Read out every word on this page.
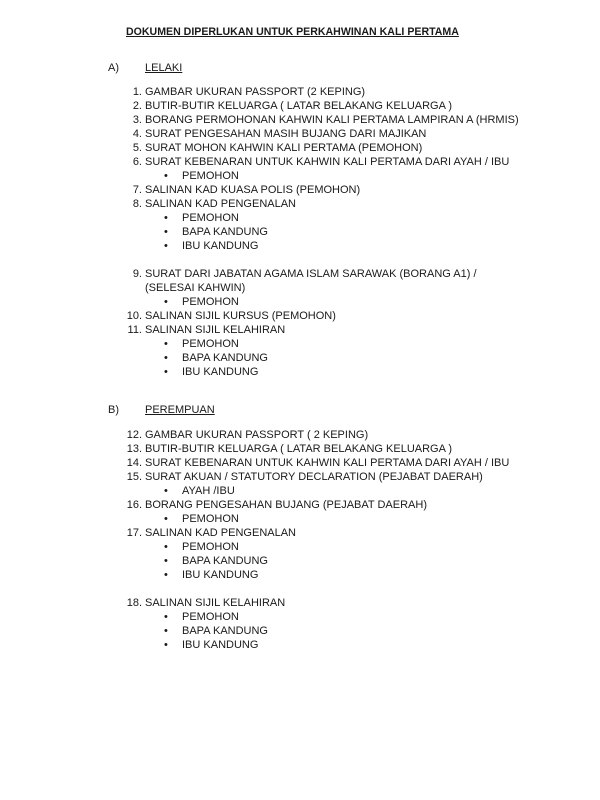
DOKUMEN DIPERLUKAN UNTUK PERKAHWINAN KALI PERTAMA
A) LELAKI
1. GAMBAR UKURAN PASSPORT (2 KEPING)
2. BUTIR-BUTIR KELUARGA ( LATAR BELAKANG KELUARGA )
3. BORANG PERMOHONAN KAHWIN KALI PERTAMA LAMPIRAN A (HRMIS)
4. SURAT PENGESAHAN MASIH BUJANG DARI MAJIKAN
5. SURAT MOHON KAHWIN KALI PERTAMA (PEMOHON)
6. SURAT KEBENARAN UNTUK KAHWIN KALI PERTAMA DARI AYAH / IBU
• PEMOHON
7. SALINAN KAD KUASA POLIS (PEMOHON)
8. SALINAN KAD PENGENALAN
• PEMOHON
• BAPA KANDUNG
• IBU KANDUNG
9. SURAT DARI JABATAN AGAMA ISLAM SARAWAK (BORANG A1) /
(SELESAI KAHWIN)
• PEMOHON
10. SALINAN SIJIL KURSUS (PEMOHON)
11. SALINAN SIJIL KELAHIRAN
• PEMOHON
• BAPA KANDUNG
• IBU KANDUNG
B) PEREMPUAN
12. GAMBAR UKURAN PASSPORT ( 2 KEPING)
13. BUTIR-BUTIR KELUARGA ( LATAR BELAKANG KELUARGA )
14. SURAT KEBENARAN UNTUK KAHWIN KALI PERTAMA DARI AYAH / IBU
15. SURAT AKUAN / STATUTORY DECLARATION (PEJABAT DAERAH)
• AYAH /IBU
16. BORANG PENGESAHAN BUJANG (PEJABAT DAERAH)
• PEMOHON
17. SALINAN KAD PENGENALAN
• PEMOHON
• BAPA KANDUNG
• IBU KANDUNG
18. SALINAN SIJIL KELAHIRAN
• PEMOHON
• BAPA KANDUNG
• IBU KANDUNG
